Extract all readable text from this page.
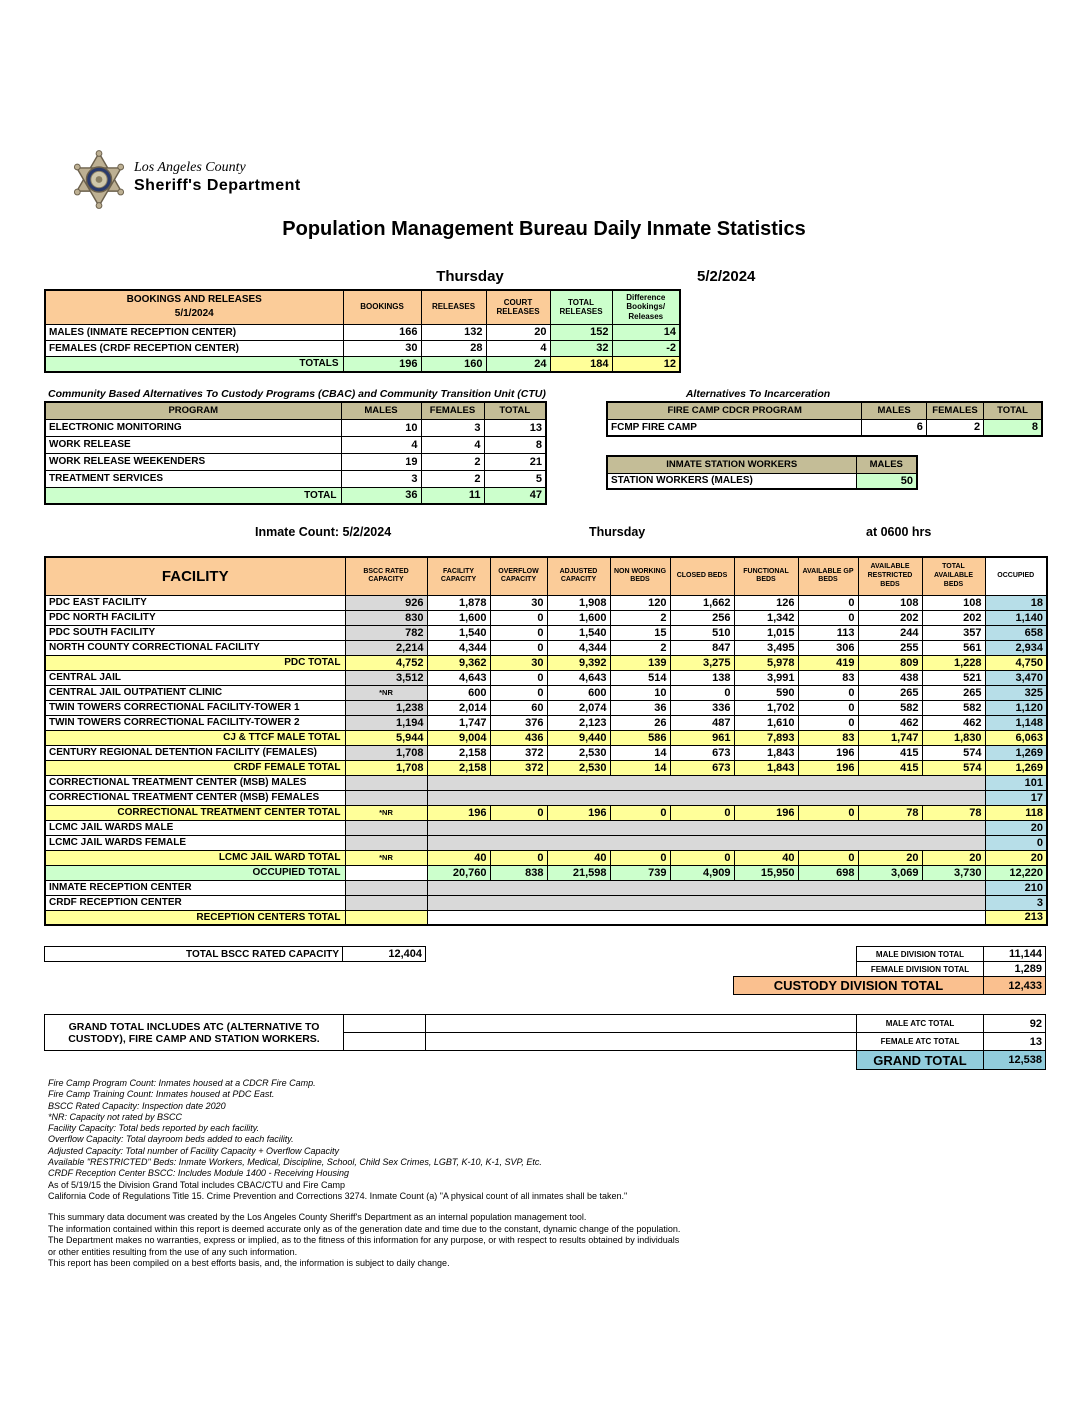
Los Angeles County
Sheriff's Department
Population Management Bureau Daily Inmate Statistics
Thursday	5/2/2024
BOOKINGS AND RELEASES
5/1/2024	BOOKINGS	RELEASES	COURT RELEASES	TOTAL RELEASES	Difference Bookings/ Releases
MALES (INMATE RECEPTION CENTER)	166	132	20	152	14
FEMALES (CRDF RECEPTION CENTER)	30	28	4	32	-2
TOTALS	196	160	24	184	12
Community Based Alternatives To Custody Programs (CBAC) and Community Transition Unit (CTU)
PROGRAM	MALES	FEMALES	TOTAL
ELECTRONIC MONITORING	10	3	13
WORK RELEASE	4	4	8
WORK RELEASE WEEKENDERS	19	2	21
TREATMENT SERVICES	3	2	5
TOTAL	36	11	47
Alternatives To Incarceration
FIRE CAMP CDCR PROGRAM	MALES	FEMALES	TOTAL
FCMP FIRE CAMP	6	2	8
INMATE STATION WORKERS	MALES
STATION WORKERS (MALES)	50
Inmate Count: 5/2/2024	Thursday	at 0600 hrs
FACILITY	BSCC RATED CAPACITY	FACILITY CAPACITY	OVERFLOW CAPACITY	ADJUSTED CAPACITY	NON WORKING BEDS	CLOSED BEDS	FUNCTIONAL BEDS	AVAILABLE GP BEDS	AVAILABLE RESTRICTED BEDS	TOTAL AVAILABLE BEDS	OCCUPIED
PDC EAST FACILITY	926	1,878	30	1,908	120	1,662	126	0	108	108	18
PDC NORTH FACILITY	830	1,600	0	1,600	2	256	1,342	0	202	202	1,140
PDC SOUTH FACILITY	782	1,540	0	1,540	15	510	1,015	113	244	357	658
NORTH COUNTY CORRECTIONAL FACILITY	2,214	4,344	0	4,344	2	847	3,495	306	255	561	2,934
PDC TOTAL	4,752	9,362	30	9,392	139	3,275	5,978	419	809	1,228	4,750
CENTRAL JAIL	3,512	4,643	0	4,643	514	138	3,991	83	438	521	3,470
CENTRAL JAIL OUTPATIENT CLINIC	*NR	600	0	600	10	0	590	0	265	265	325
TWIN TOWERS CORRECTIONAL FACILITY-TOWER 1	1,238	2,014	60	2,074	36	336	1,702	0	582	582	1,120
TWIN TOWERS CORRECTIONAL FACILITY-TOWER 2	1,194	1,747	376	2,123	26	487	1,610	0	462	462	1,148
CJ & TTCF MALE TOTAL	5,944	9,004	436	9,440	586	961	7,893	83	1,747	1,830	6,063
CENTURY REGIONAL DETENTION FACILITY (FEMALES)	1,708	2,158	372	2,530	14	673	1,843	196	415	574	1,269
CRDF FEMALE TOTAL	1,708	2,158	372	2,530	14	673	1,843	196	415	574	1,269
CORRECTIONAL TREATMENT CENTER (MSB) MALES											101
CORRECTIONAL TREATMENT CENTER (MSB) FEMALES											17
CORRECTIONAL TREATMENT CENTER TOTAL	*NR	196	0	196	0	0	196	0	78	78	118
LCMC JAIL WARDS MALE											20
LCMC JAIL WARDS FEMALE											0
LCMC JAIL WARD TOTAL	*NR	40	0	40	0	0	40	0	20	20	20
OCCUPIED TOTAL		20,760	838	21,598	739	4,909	15,950	698	3,069	3,730	12,220
INMATE RECEPTION CENTER											210
CRDF RECEPTION CENTER											3
RECEPTION CENTERS TOTAL											213
TOTAL BSCC RATED CAPACITY	12,404	MALE DIVISION TOTAL	11,144
FEMALE DIVISION TOTAL	1,289
CUSTODY DIVISION TOTAL	12,433
GRAND TOTAL INCLUDES ATC (ALTERNATIVE TO
CUSTODY), FIRE CAMP AND STATION WORKERS.
MALE ATC TOTAL	92
FEMALE ATC TOTAL	13
GRAND TOTAL	12,538
Fire Camp Program Count: Inmates housed at a CDCR Fire Camp.
Fire Camp Training Count: Inmates housed at PDC East.
BSCC Rated Capacity: Inspection date 2020
*NR: Capacity not rated by BSCC
Facility Capacity: Total beds reported by each facility.
Overflow Capacity: Total dayroom beds added to each facility.
Adjusted Capacity: Total number of Facility Capacity + Overflow Capacity
Available "RESTRICTED" Beds: Inmate Workers, Medical, Discipline, School, Child Sex Crimes, LGBT, K-10, K-1, SVP, Etc.
CRDF Reception Center BSCC: Includes Module 1400 - Receiving Housing
As of 5/19/15 the Division Grand Total includes CBAC/CTU and Fire Camp
California Code of Regulations Title 15. Crime Prevention and Corrections 3274. Inmate Count (a) "A physical count of all inmates shall be taken."
This summary data document was created by the Los Angeles County Sheriff's Department as an internal population management tool.
The information contained within this report is deemed accurate only as of the generation date and time due to the constant, dynamic change of the population.
The Department makes no warranties, express or implied, as to the fitness of this information for any purpose, or with respect to results obtained by individuals
or other entities resulting from the use of any such information.
This report has been compiled on a best efforts basis, and, the information is subject to daily change.
